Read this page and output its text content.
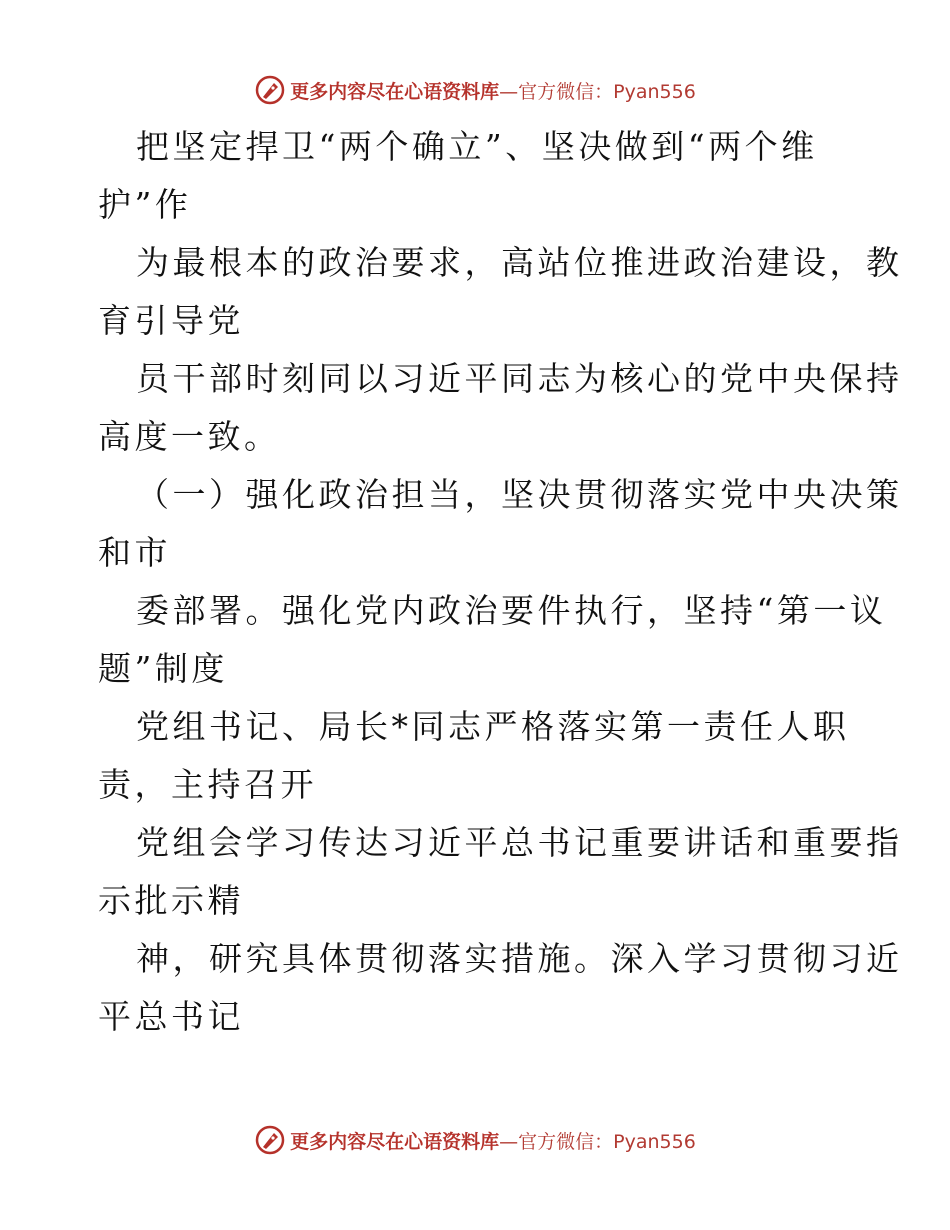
更多内容尽在心语资料库—官方微信：Pyan556
把坚定捍卫“两个确立”、坚决做到“两个维
护”作
为最根本的政治要求，高站位推进政治建设，教
育引导党
员干部时刻同以习近平同志为核心的党中央保持
高度一致。
（一）强化政治担当，坚决贯彻落实党中央决策
和市
委部署。强化党内政治要件执行，坚持“第一议
题”制度
党组书记、局长*同志严格落实第一责任人职
责，主持召开
党组会学习传达习近平总书记重要讲话和重要指
示批示精
神，研究具体贯彻落实措施。深入学习贯彻习近
平总书记
更多内容尽在心语资料库—官方微信：Pyan556
